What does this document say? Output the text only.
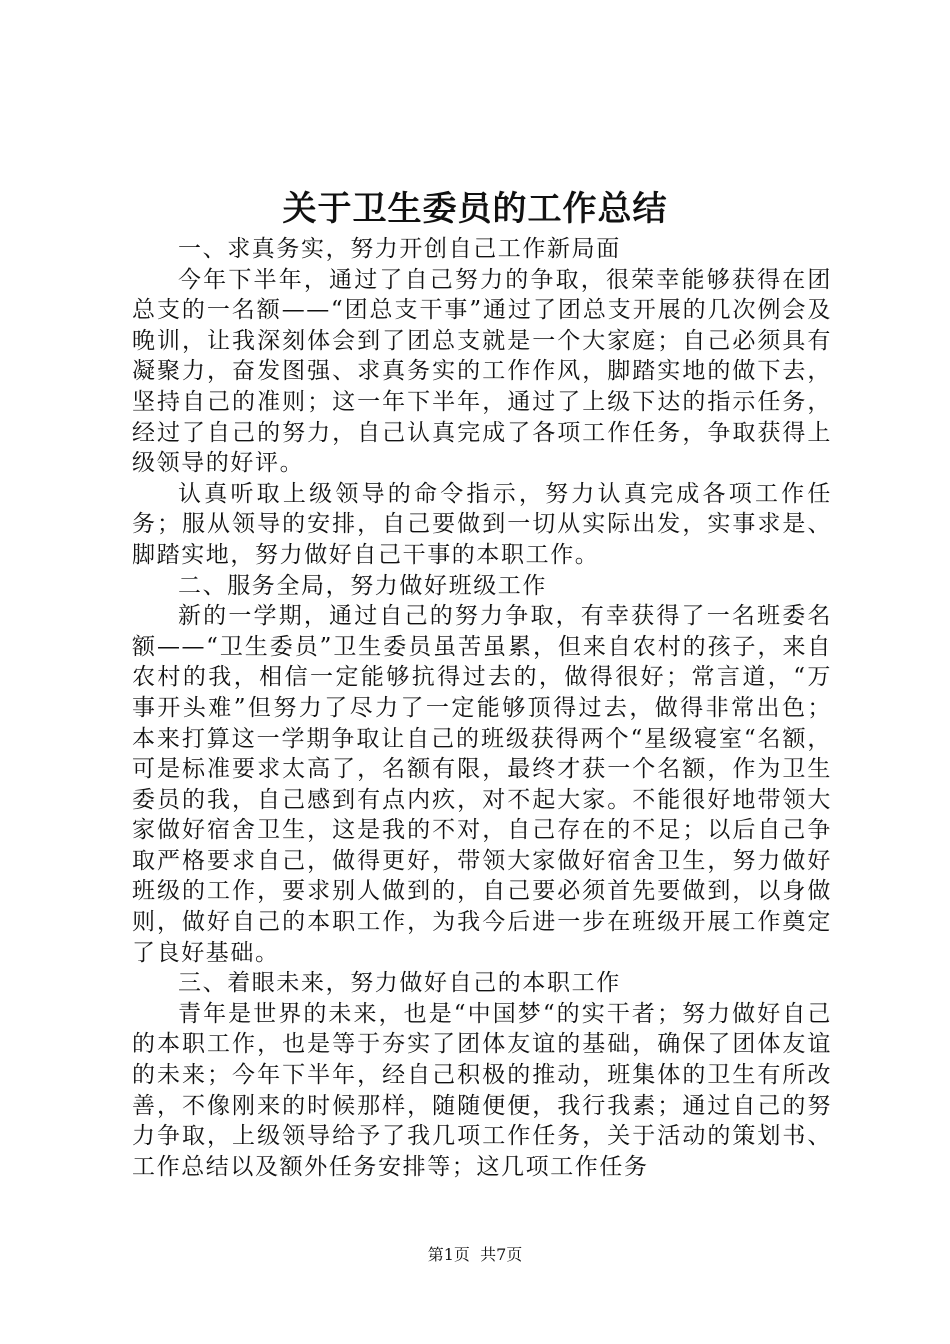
关于卫生委员的工作总结

一、求真务实，努力开创自己工作新局面

今年下半年，通过了自己努力的争取，很荣幸能够获得在团总支的一名额——“团总支干事”通过了团总支开展的几次例会及晚训，让我深刻体会到了团总支就是一个大家庭；自己必须具有凝聚力，奋发图强、求真务实的工作作风，脚踏实地的做下去，坚持自己的准则；这一年下半年，通过了上级下达的指示任务，经过了自己的努力，自己认真完成了各项工作任务，争取获得上级领导的好评。

认真听取上级领导的命令指示，努力认真完成各项工作任务；服从领导的安排，自己要做到一切从实际出发，实事求是、脚踏实地，努力做好自己干事的本职工作。

二、服务全局，努力做好班级工作

新的一学期，通过自己的努力争取，有幸获得了一名班委名额——“卫生委员”卫生委员虽苦虽累，但来自农村的孩子，来自农村的我，相信一定能够抗得过去的，做得很好；常言道，“万事开头难”但努力了尽力了一定能够顶得过去，做得非常出色；本来打算这一学期争取让自己的班级获得两个“星级寝室“名额，可是标准要求太高了，名额有限，最终才获一个名额，作为卫生委员的我，自己感到有点内疚，对不起大家。不能很好地带领大家做好宿舍卫生，这是我的不对，自己存在的不足；以后自己争取严格要求自己，做得更好，带领大家做好宿舍卫生，努力做好班级的工作，要求别人做到的，自己要必须首先要做到，以身做则，做好自己的本职工作，为我今后进一步在班级开展工作奠定了良好基础。

三、着眼未来，努力做好自己的本职工作

青年是世界的未来，也是“中国梦“的实干者；努力做好自己的本职工作，也是等于夯实了团体友谊的基础，确保了团体友谊的未来；今年下半年，经自己积极的推动，班集体的卫生有所改善，不像刚来的时候那样，随随便便，我行我素；通过自己的努力争取，上级领导给予了我几项工作任务，关于活动的策划书、工作总结以及额外任务安排等；这几项工作任务

第1页  共7页
